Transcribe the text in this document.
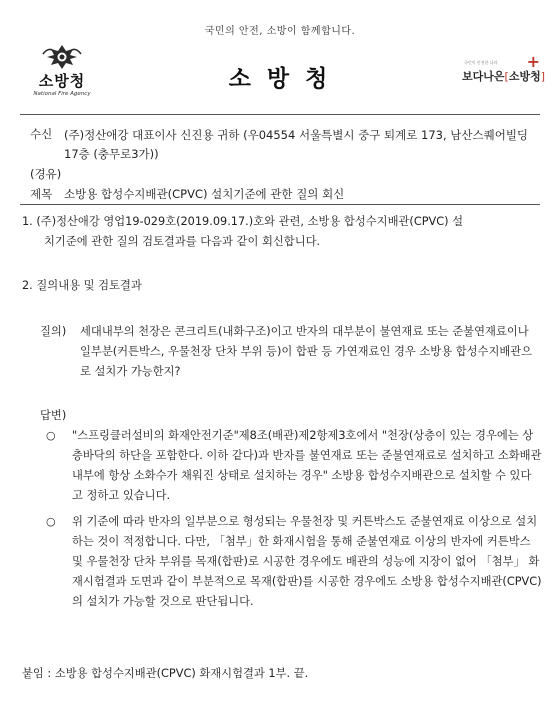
국민의 안전, 소방이 함께합니다.
소방청
National Fire Agency
소 방 청
국민이 안전한 나라
보다나은[소방청]
+
수신 (주)정산애강 대표이사 신진용 귀하 (우04554 서울특별시 중구 퇴계로 173, 남산스퀘어빌딩 17층 (충무로3가))
(경유)
제목 소방용 합성수지배관(CPVC) 설치기준에 관한 질의 회신
1. (주)정산애강 영업19-029호(2019.09.17.)호와 관련, 소방용 합성수지배관(CPVC) 설
치기준에 관한 질의 검토결과를 다음과 같이 회신합니다.
2. 질의내용 및 검토결과
질의) 세대내부의 천장은 콘크리트(내화구조)이고 반자의 대부분이 불연재료 또는 준불연재료이나 일부분(커튼박스, 우물천장 단차 부위 등)이 합판 등 가연재료인 경우 소방용 합성수지배관으로 설치가 가능한지?
답변)
○	"스프링클러설비의 화재안전기준"제8조(배관)제2항제3호에서 "천장(상층이 있는 경우에는 상층바닥의 하단을 포함한다. 이하 같다)과 반자를 불연재료 또는 준불연재료로 설치하고 소화배관 내부에 항상 소화수가 채워진 상태로 설치하는 경우" 소방용 합성수지배관으로 설치할 수 있다고 정하고 있습니다.
○	위 기준에 따라 반자의 일부분으로 형성되는 우물천장 및 커튼박스도 준불연재료 이상으로 설치하는 것이 적정합니다. 다만, 「첨부」한 화재시험을 통해 준불연재료 이상의 반자에 커튼박스 및 우물천장 단차 부위를 목재(합판)로 시공한 경우에도 배관의 성능에 지장이 없어 「첨부」 화재시험결과 도면과 같이 부분적으로 목재(합판)를 시공한 경우에도 소방용 합성수지배관(CPVC)의 설치가 가능할 것으로 판단됩니다.
붙임 : 소방용 합성수지배관(CPVC) 화재시험결과 1부. 끝.
